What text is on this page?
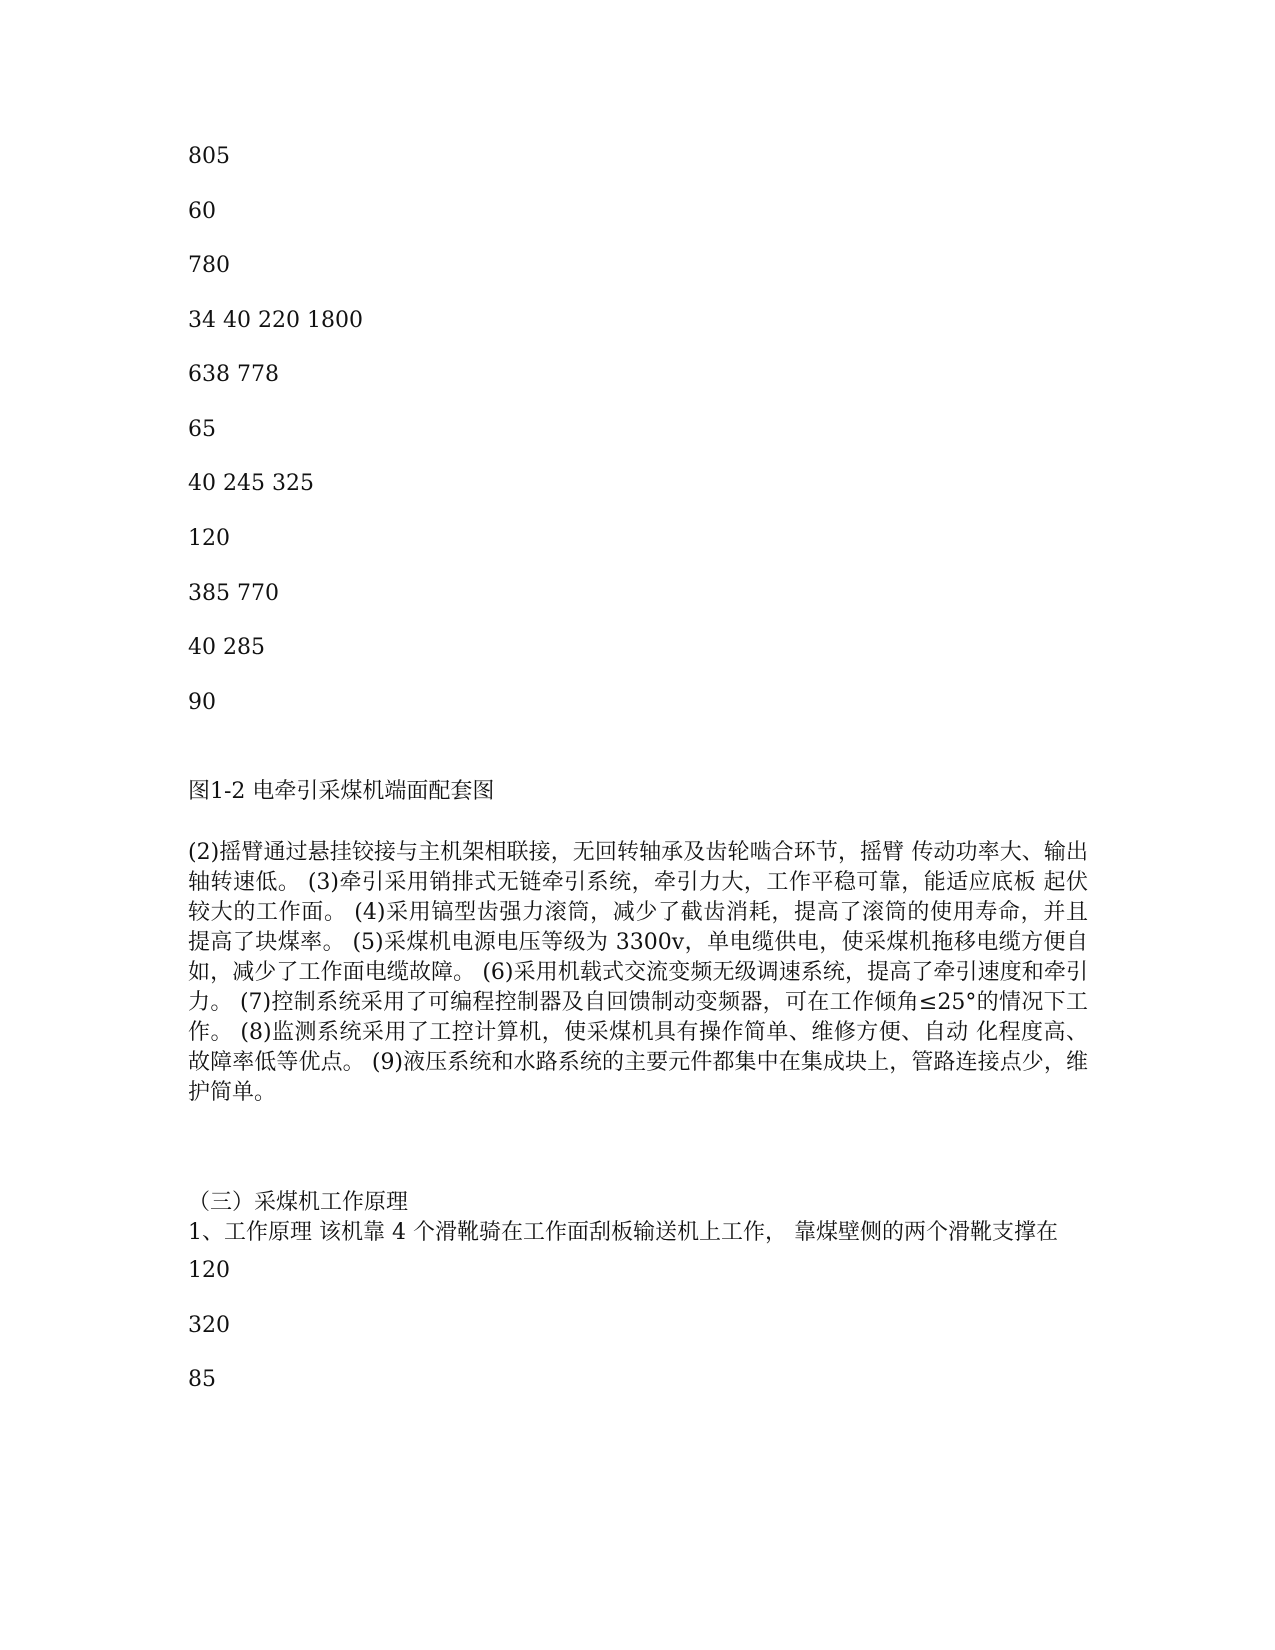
805
60
780
34 40 220 1800
638 778
65
40 245 325
120
385 770
40 285
90
图1-2 电牵引采煤机端面配套图
(2)摇臂通过悬挂铰接与主机架相联接，无回转轴承及齿轮啮合环节，摇臂 传动功率大、输出轴转速低。 (3)牵引采用销排式无链牵引系统，牵引力大，工作平稳可靠，能适应底板 起伏较大的工作面。 (4)采用镐型齿强力滚筒，减少了截齿消耗，提高了滚筒的使用寿命，并且 提高了块煤率。 (5)采煤机电源电压等级为 3300v，单电缆供电，使采煤机拖移电缆方便自 如，减少了工作面电缆故障。 (6)采用机载式交流变频无级调速系统，提高了牵引速度和牵引力。 (7)控制系统采用了可编程控制器及自回馈制动变频器，可在工作倾角≤25°的情况下工作。 (8)监测系统采用了工控计算机，使采煤机具有操作简单、维修方便、自动 化程度高、故障率低等优点。 (9)液压系统和水路系统的主要元件都集中在集成块上，管路连接点少，维 护简单。
（三）采煤机工作原理
1、工作原理 该机靠 4 个滑靴骑在工作面刮板输送机上工作， 靠煤壁侧的两个滑靴支撑在
120
320
85
